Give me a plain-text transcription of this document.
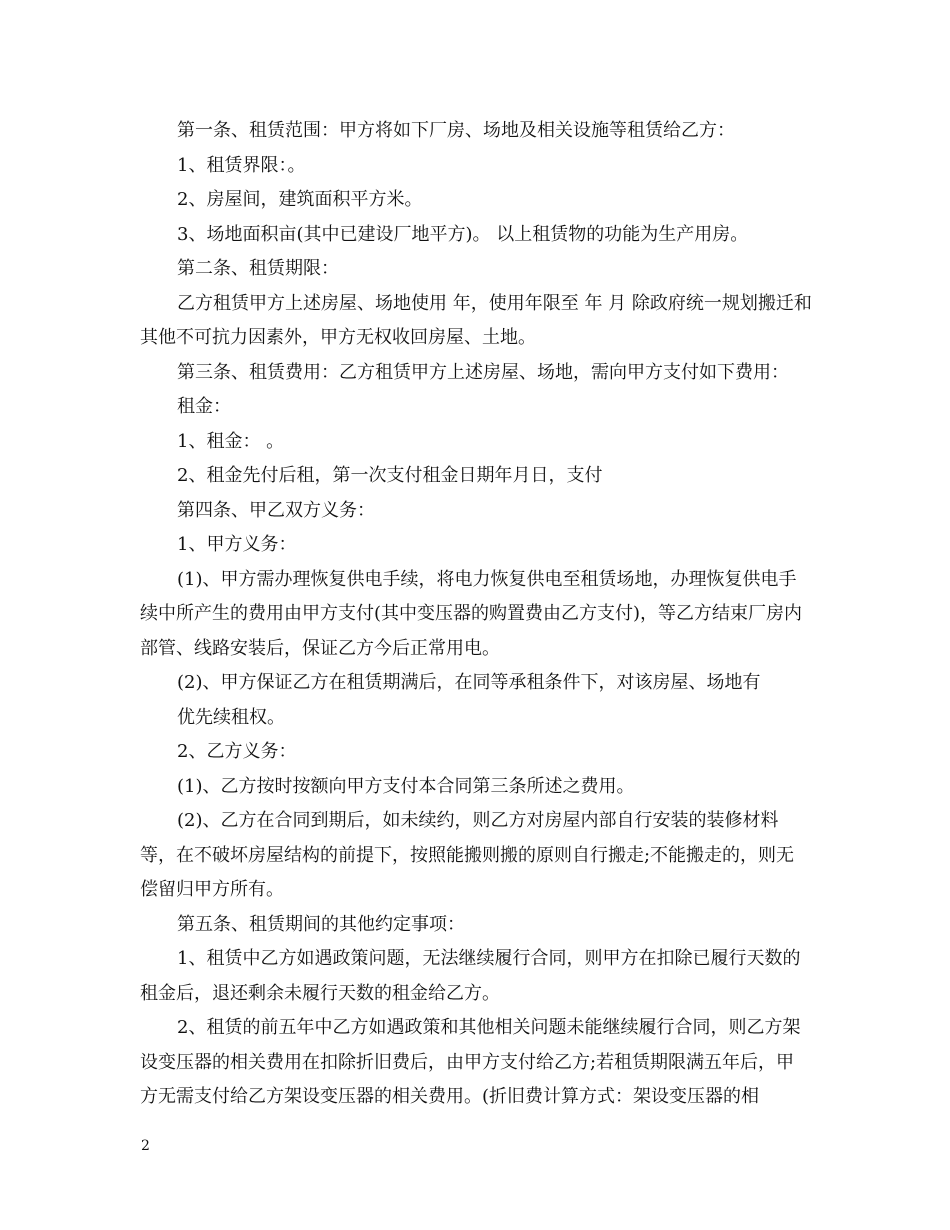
第一条、租赁范围：甲方将如下厂房、场地及相关设施等租赁给乙方：

1、租赁界限：。

2、房屋间，建筑面积平方米。

3、场地面积亩(其中已建设厂地平方)。 以上租赁物的功能为生产用房。

第二条、租赁期限：

乙方租赁甲方上述房屋、场地使用 年，使用年限至 年 月 除政府统一规划搬迁和其他不可抗力因素外，甲方无权收回房屋、土地。

第三条、租赁费用：乙方租赁甲方上述房屋、场地，需向甲方支付如下费用：

租金：

1、租金： 。

2、租金先付后租，第一次支付租金日期年月日，支付

第四条、甲乙双方义务：

1、甲方义务：

(1)、甲方需办理恢复供电手续，将电力恢复供电至租赁场地，办理恢复供电手续中所产生的费用由甲方支付(其中变压器的购置费由乙方支付)，等乙方结束厂房内部管、线路安装后，保证乙方今后正常用电。

(2)、甲方保证乙方在租赁期满后，在同等承租条件下，对该房屋、场地有

优先续租权。

2、乙方义务：

(1)、乙方按时按额向甲方支付本合同第三条所述之费用。

(2)、乙方在合同到期后，如未续约，则乙方对房屋内部自行安装的装修材料等，在不破坏房屋结构的前提下，按照能搬则搬的原则自行搬走;不能搬走的，则无偿留归甲方所有。

第五条、租赁期间的其他约定事项：

1、租赁中乙方如遇政策问题，无法继续履行合同，则甲方在扣除已履行天数的租金后，退还剩余未履行天数的租金给乙方。

2、租赁的前五年中乙方如遇政策和其他相关问题未能继续履行合同，则乙方架设变压器的相关费用在扣除折旧费后，由甲方支付给乙方;若租赁期限满五年后，甲方无需支付给乙方架设变压器的相关费用。(折旧费计算方式：架设变压器的相

2
